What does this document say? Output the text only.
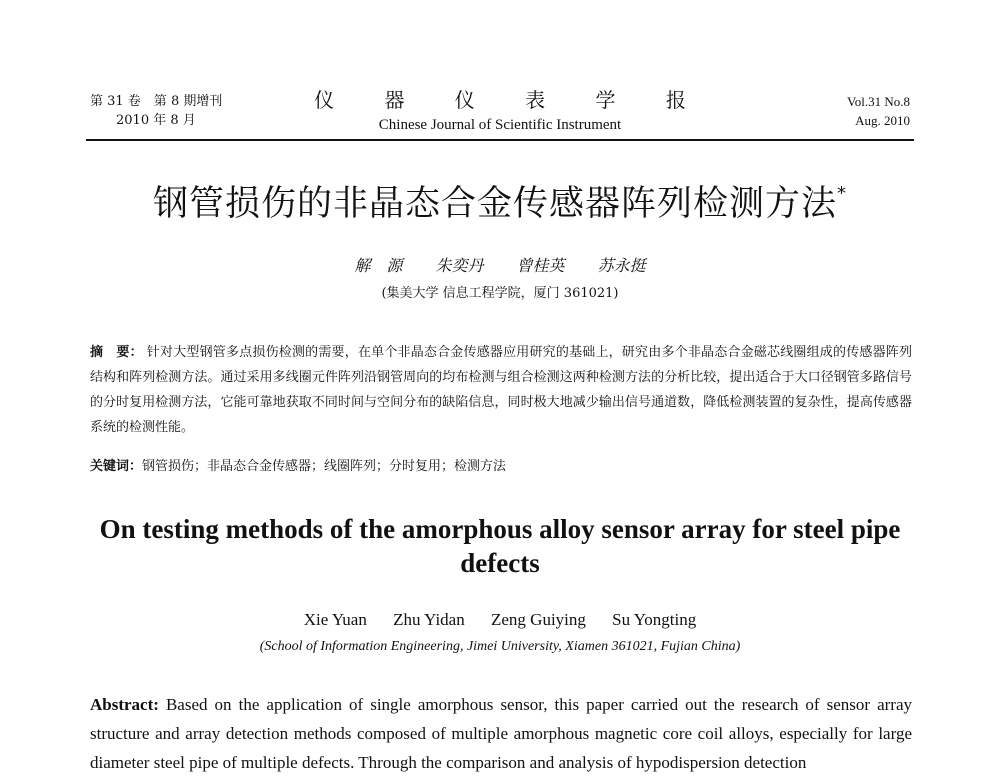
第 31 卷　第 8 期增刊
2010 年 8 月
仪 器 仪 表 学 报
Chinese Journal of Scientific Instrument
Vol.31 No.8
Aug. 2010
钢管损伤的非晶态合金传感器阵列检测方法*
解　源 朱奕丹 曾桂英 苏永挺
(集美大学 信息工程学院，厦门 361021)
摘　要： 针对大型钢管多点损伤检测的需要，在单个非晶态合金传感器应用研究的基础上，研究由多个非晶态合金磁芯线圈组成的传感器阵列结构和阵列检测方法。通过采用多线圈元件阵列沿钢管周向的均布检测与组合检测这两种检测方法的分析比较，提出适合于大口径钢管多路信号的分时复用检测方法，它能可靠地获取不同时间与空间分布的缺陷信息，同时极大地减少输出信号通道数，降低检测装置的复杂性，提高传感器系统的检测性能。
关键词：钢管损伤；非晶态合金传感器；线圈阵列；分时复用；检测方法
On testing methods of the amorphous alloy sensor array for steel pipe defects
Xie Yuan Zhu Yidan Zeng Guiying Su Yongting
(School of Information Engineering, Jimei University, Xiamen 361021, Fujian China)
Abstract: Based on the application of single amorphous sensor, this paper carried out the research of sensor array structure and array detection methods composed of multiple amorphous magnetic core coil alloys, especially for large diameter steel pipe of multiple defects. Through the comparison and analysis of hypodispersion detection
